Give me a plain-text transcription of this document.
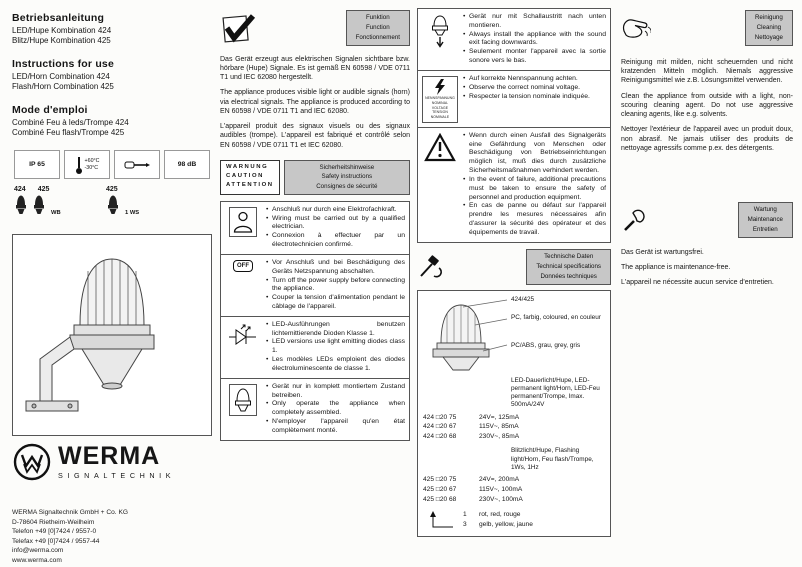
Betriebsanleitung
LED/Hupe Kombination 424
Blitz/Hupe Kombination 425
Instructions for use
LED/Horn Combination 424
Flash/Horn Combination 425
Mode d'emploi
Combiné Feu à leds/Trompe 424
Combiné Feu flash/Trompe 425
IP 65
+60°C
-30°C	98 dB
424 425
WB
425
1 WS
WERMA
SIGNALTECHNIK
WERMA Signaltechnik GmbH + Co. KG
D-78604 Rietheim-Weilheim
Telefon +49 [0]7424 / 9557-0
Telefax +49 [0]7424 / 9557-44
info@werma.com
www.werma.com
Funktion
Function
Fonctionnement

Das Gerät erzeugt aus elektrischen Signalen sichtbare bzw. hörbare (Hupe) Signale. Es ist gemäß EN 60598 / VDE 0711 T1 und IEC 62080 hergestellt.

The appliance produces visible light or audible signals (horn) via electrical signals. The appliance is produced according to EN 60598 / VDE 0711 T1 and IEC 62080.

L'appareil produit des signaux visuels ou des signaux audibles (trompe). L'appareil est fabriqué et contrôlé selon EN 60598 / VDE 0711 T1 et IEC 62080.

WARNUNG
CAUTION
ATTENTION
Sicherheitshinweise
Safety instructions
Consignes de sécurité
• Anschluß nur durch eine Elektrofachkraft.
• Wiring must be carried out by a qualified electrician.
• Connexion à effectuer par un électrotechnicien confirmé.
OFF	• Vor Anschluß und bei Beschädigung des Geräts Netzspannung abschalten.
• Turn off the power supply before connecting the appliance.
• Couper la tension d'alimentation pendant le câblage de l'appareil.
• LED-Ausführungen benutzen lichtemittierende Dioden Klasse 1.
• LED versions use light emitting diodes class 1.
• Les modèles LEDs emploient des diodes électroluminescente de classe 1.
• Gerät nur in komplett montiertem Zustand betreiben.
• Only operate the appliance when completely assembled.
• N'employer l'appareil qu'en état complètement monté.
• Gerät nur mit Schallaustritt nach unten montieren.
• Always install the appliance with the sound exit facing downwards.
• Seulement monter l'appareil avec la sortie sonore vers le bas.
NENNSPANNUNG
NOMINAL VOLTAGE
TENSION NOMINALE
• Auf korrekte Nennspannung achten.
• Observe the correct nominal voltage.
• Respecter la tension nominale indiquée.
• Wenn durch einen Ausfall des Signalgeräts eine Gefährdung von Menschen oder Beschädigung von Betriebseinrichtungen möglich ist, muß dies durch zusätzliche Sicherheitsmaßnahmen verhindert werden.
• In the event of failure, additional precautions must be taken to ensure the safety of personnel and production equipment.
• En cas de panne ou défaut sur l'appareil prendre les mesures nécessaires afin d'assurer la sécurité des opérateur et des équipements de travail.
Technische Daten
Technical specifications
Données techniques
424/425
PC, farbig, coloured, en couleur
PC/ABS, grau, grey, gris
LED-Dauerlicht/Hupe, LED-permanent light/Horn, LED-Feu permanent/Trompe, Imax. 500mA/24V
424 □20 75	24V=, 125mA
424 □20 67	115V~, 85mA
424 □20 68	230V~, 85mA
Blitzlicht/Hupe, Flashing light/Horn, Feu flash/Trompe, 1Ws, 1Hz
425 □20 75	24V=, 200mA
425 □20 67	115V~, 100mA
425 □20 68	230V~, 100mA
1	rot, red, rouge
3	gelb, yellow, jaune
Reinigung
Cleaning
Nettoyage

Reinigung mit milden, nicht scheuernden und nicht kratzenden Mitteln möglich. Niemals aggressive Reinigungsmittel wie z.B. Lösungsmittel verwenden.

Clean the appliance from outside with a light, non-scouring cleaning agent. Do not use aggressive cleaning agents, like e.g. solvents.

Nettoyer l'extérieur de l'appareil avec un produit doux, non abrasif. Ne jamais utiliser des produits de nettoyage agressifs comme p.ex. des détergents.

Wartung
Maintenance
Entretien

Das Gerät ist wartungsfrei.

The appliance is maintenance-free.

L'appareil ne nécessite aucun service d'entretien.
